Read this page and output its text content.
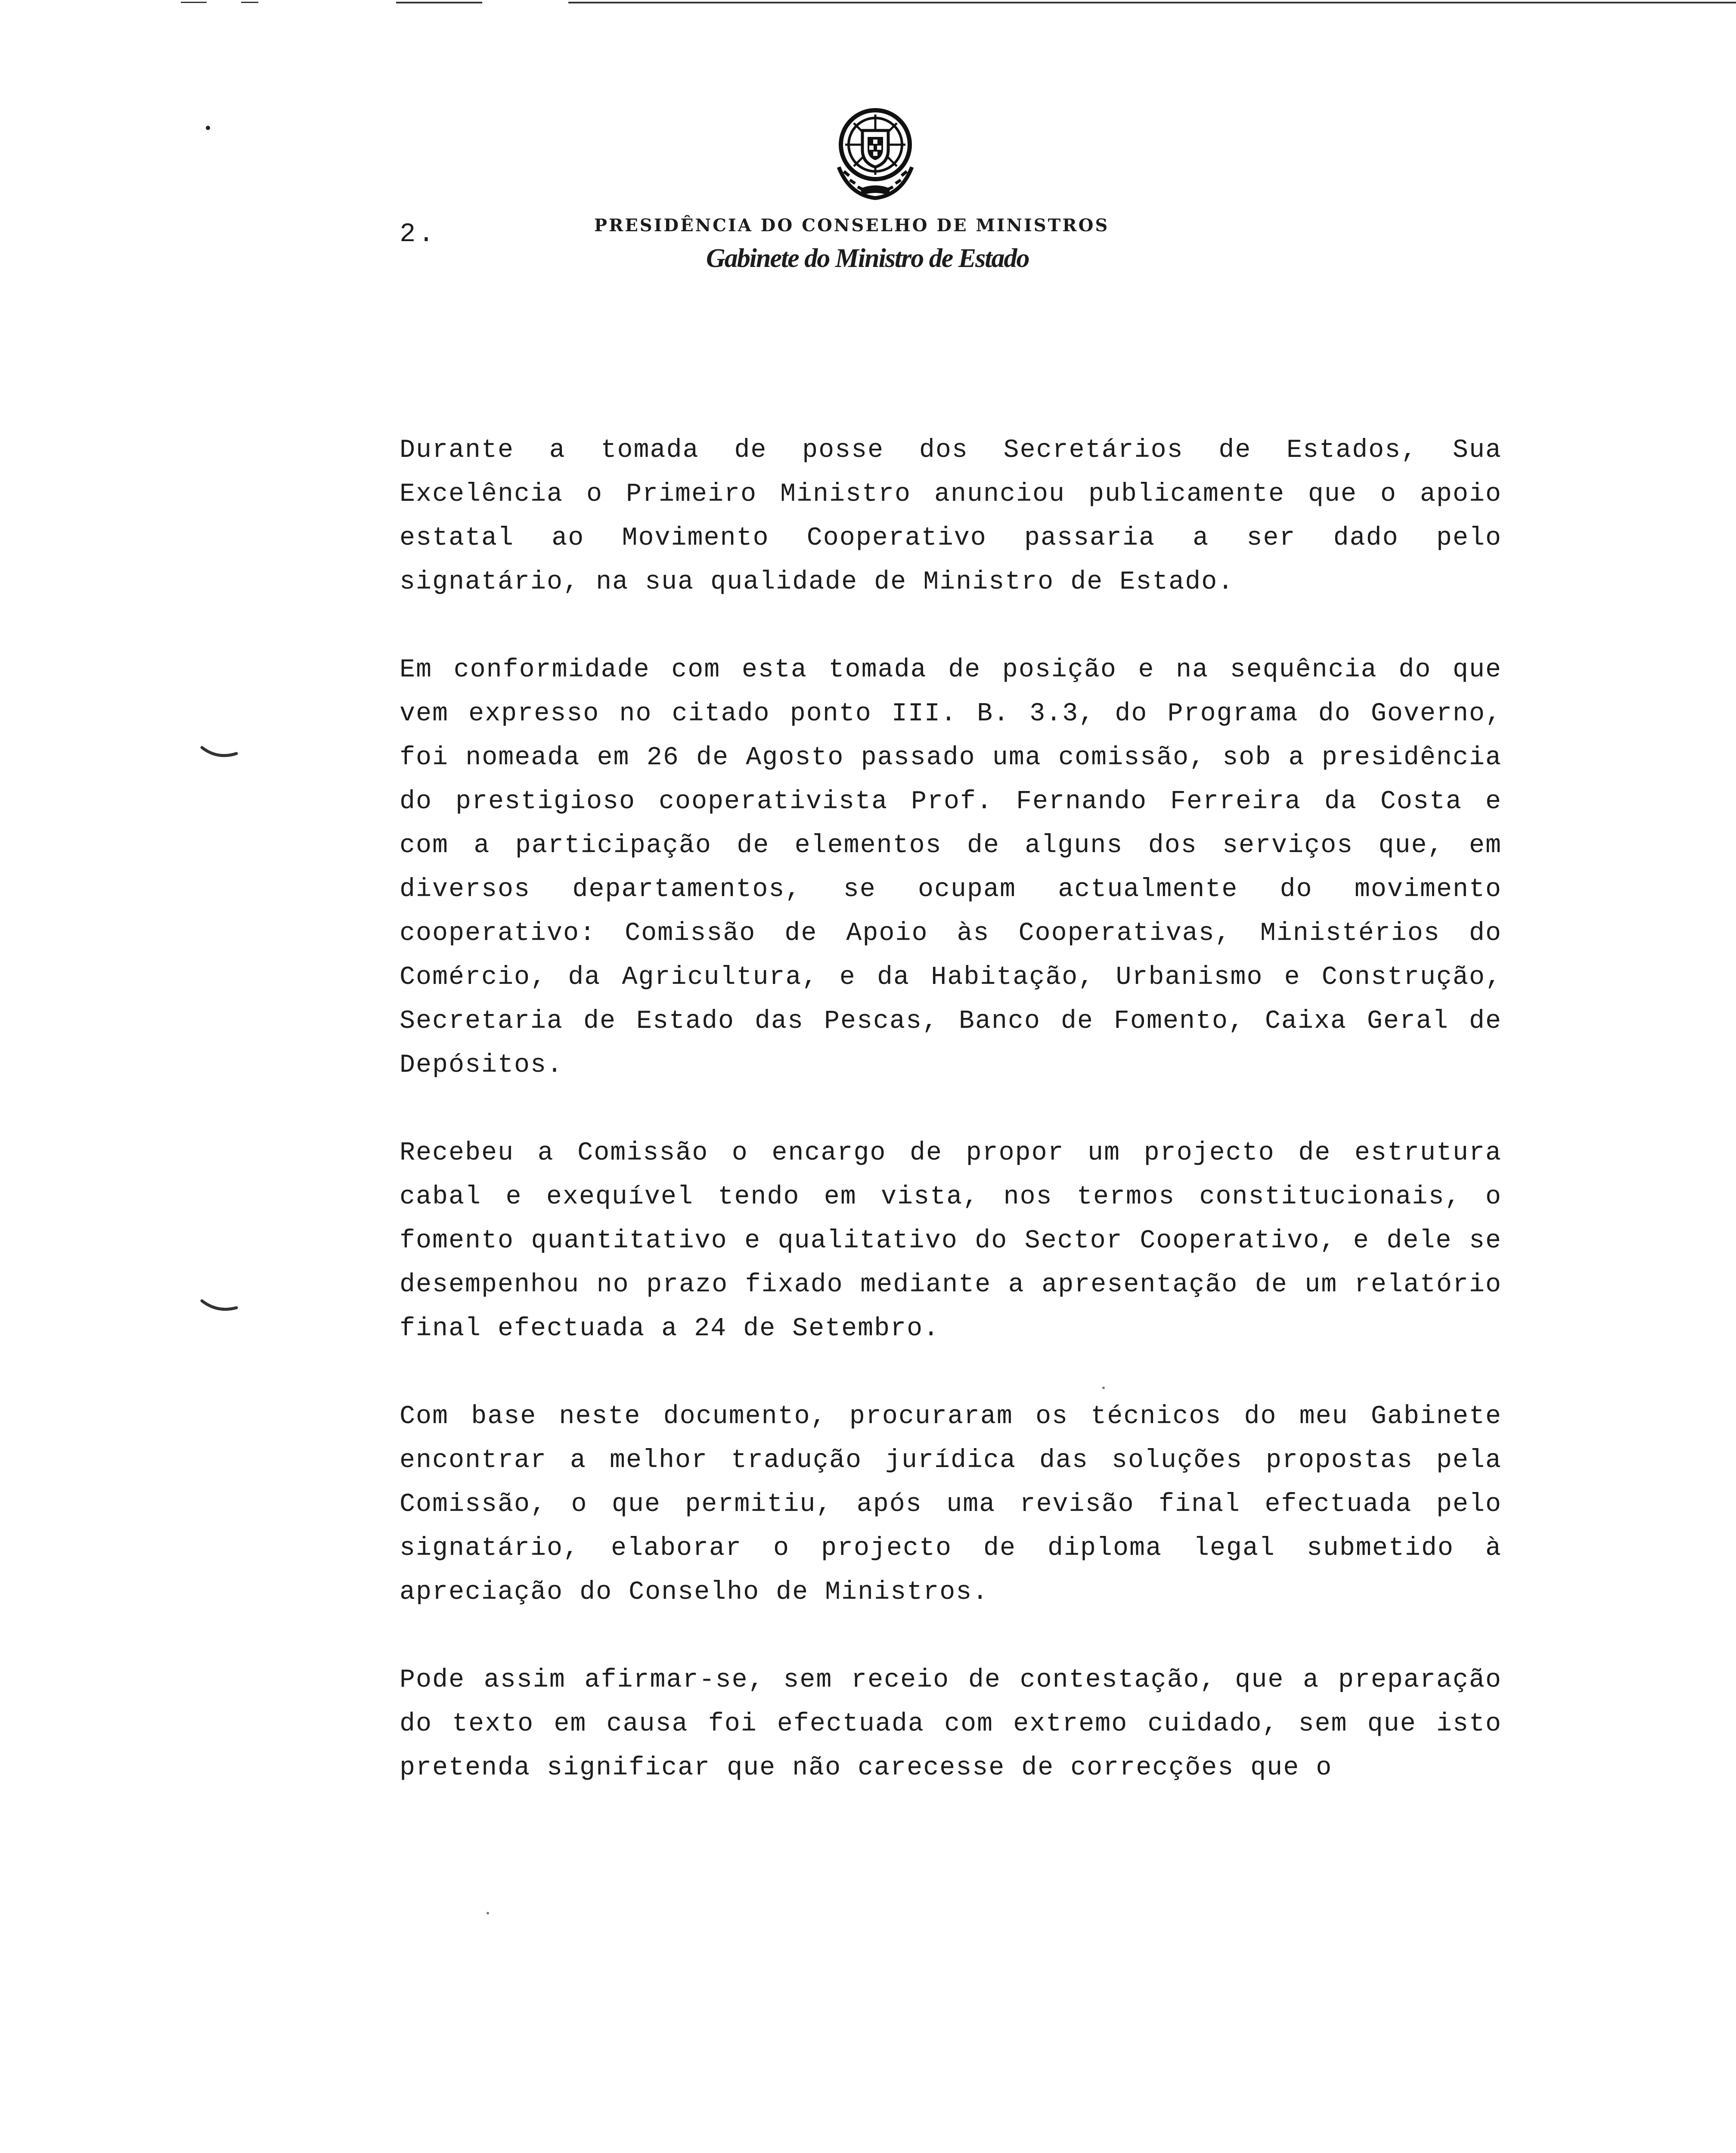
2.	PRESIDÊNCIA DO CONSELHO DE MINISTROS
Gabinete do Ministro de Estado

Durante a tomada de posse dos Secretários de Estados, Sua Excelência o Primeiro Ministro anunciou publicamente que o apoio estatal ao Movimento Cooperativo passaria a ser dado pelo signatário, na sua qualidade de Ministro de Estado.

Em conformidade com esta tomada de posição e na sequência do que vem expresso no citado ponto III. B. 3.3, do Programa do Governo, foi nomeada em 26 de Agosto passado uma comissão, sob a presidência do prestigioso cooperativista Prof. Fernando Ferreira da Costa e com a participação de elementos de alguns dos serviços que, em diversos departamentos, se ocupam actualmente do movimento cooperativo: Comissão de Apoio às Cooperativas, Ministérios do Comércio, da Agricultura, e da Habitação, Urbanismo e Construção, Secretaria de Estado das Pescas, Banco de Fomento, Caixa Geral de Depósitos.

Recebeu a Comissão o encargo de propor um projecto de estrutura cabal e exequível tendo em vista, nos termos constitucionais, o fomento quantitativo e qualitativo do Sector Cooperativo, e dele se desempenhou no prazo fixado mediante a apresentação de um relatório final efectuada a 24 de Setembro.

Com base neste documento, procuraram os técnicos do meu Gabinete encontrar a melhor tradução jurídica das soluções propostas pela Comissão, o que permitiu, após uma revisão final efectuada pelo signatário, elaborar o projecto de diploma legal submetido à apreciação do Conselho de Ministros.

Pode assim afirmar-se, sem receio de contestação, que a preparação do texto em causa foi efectuada com extremo cuidado, sem que isto pretenda significar que não carecesse de correcções que o
